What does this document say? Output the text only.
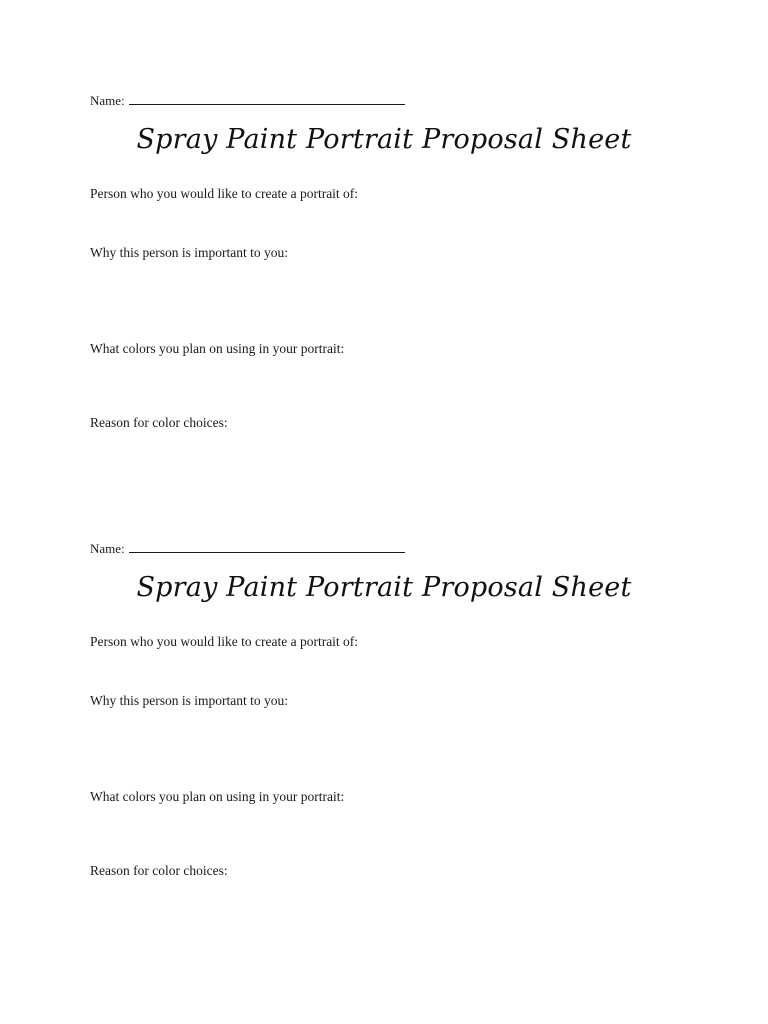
Name:
Spray Paint Portrait Proposal Sheet
Person who you would like to create a portrait of:
Why this person is important to you:
What colors you plan on using in your portrait:
Reason for color choices:
Name:
Spray Paint Portrait Proposal Sheet
Person who you would like to create a portrait of:
Why this person is important to you:
What colors you plan on using in your portrait:
Reason for color choices:
